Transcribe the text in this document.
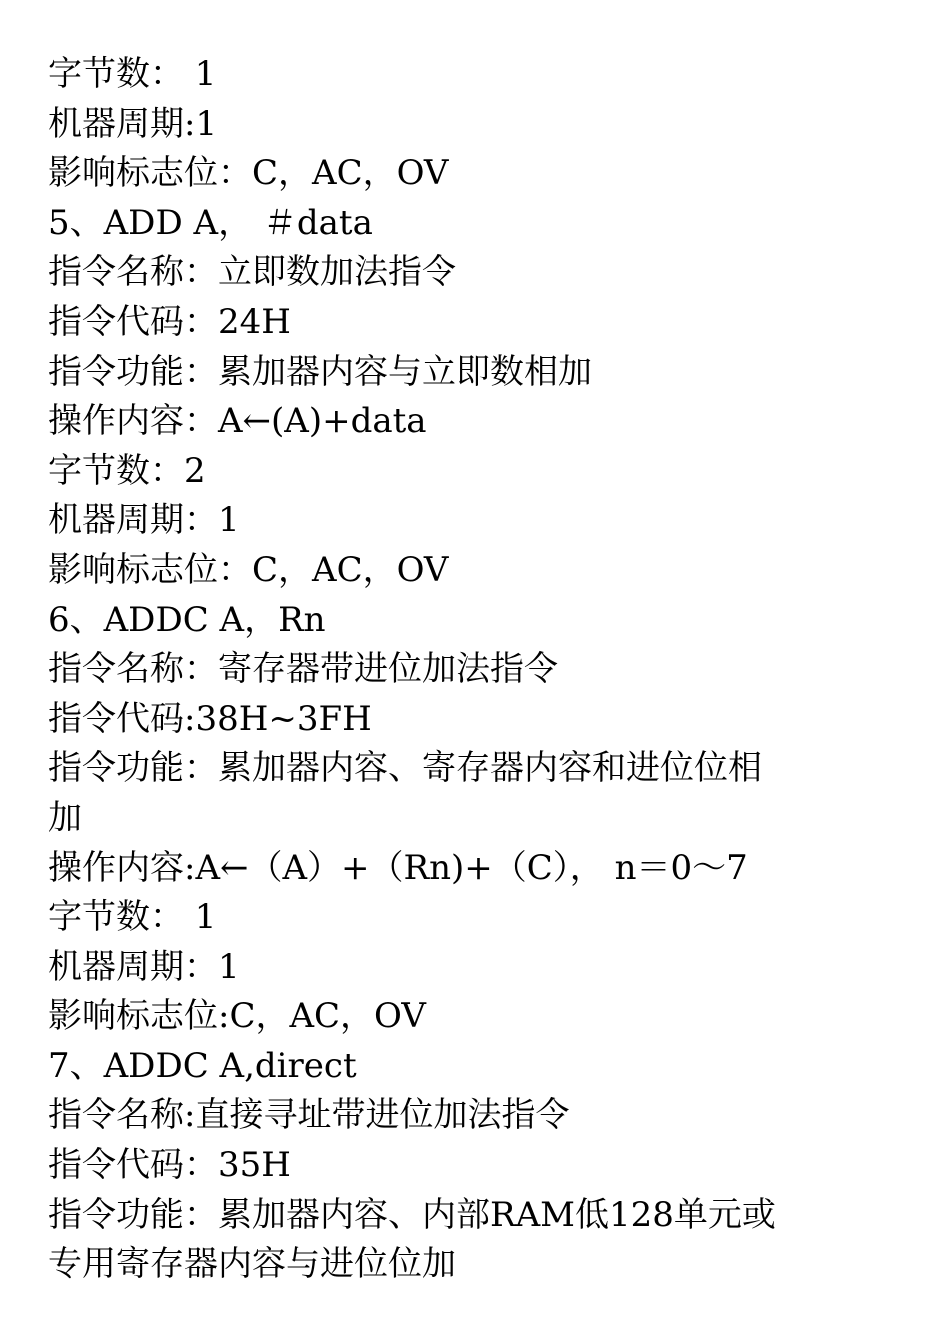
字节数： 1
机器周期:1
影响标志位：C，AC，OV
5、ADD A， ＃data
指令名称：立即数加法指令
指令代码：24H
指令功能：累加器内容与立即数相加
操作内容：A←(A)+data
字节数：2
机器周期：1
影响标志位：C，AC，OV
6、ADDC A，Rn
指令名称：寄存器带进位加法指令
指令代码:38H~3FH
指令功能：累加器内容、寄存器内容和进位位相
加
操作内容:A←（A）+（Rn)+（C）， n＝0～7
字节数： 1
机器周期：1
影响标志位:C，AC，OV
7、ADDC A,direct
指令名称:直接寻址带进位加法指令
指令代码：35H
指令功能：累加器内容、内部RAM低128单元或
专用寄存器内容与进位位加
